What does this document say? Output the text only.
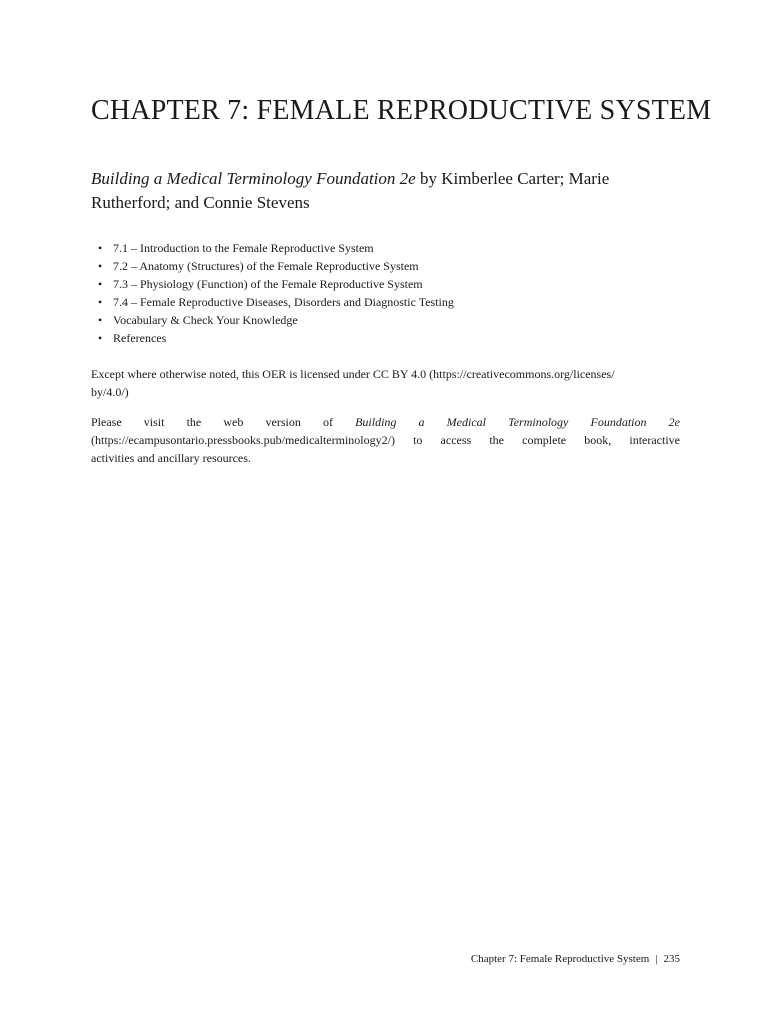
CHAPTER 7: FEMALE REPRODUCTIVE SYSTEM

Building a Medical Terminology Foundation 2e by Kimberlee Carter; Marie
Rutherford; and Connie Stevens

• 7.1 – Introduction to the Female Reproductive System
• 7.2 – Anatomy (Structures) of the Female Reproductive System
• 7.3 – Physiology (Function) of the Female Reproductive System
• 7.4 – Female Reproductive Diseases, Disorders and Diagnostic Testing
• Vocabulary & Check Your Knowledge
• References

Except where otherwise noted, this OER is licensed under CC BY 4.0 (https://creativecommons.org/licenses/
by/4.0/)

Please visit the web version of Building a Medical Terminology Foundation 2e
(https://ecampusontario.pressbooks.pub/medicalterminology2/) to access the complete book, interactive
activities and ancillary resources.

Chapter 7: Female Reproductive System | 235
